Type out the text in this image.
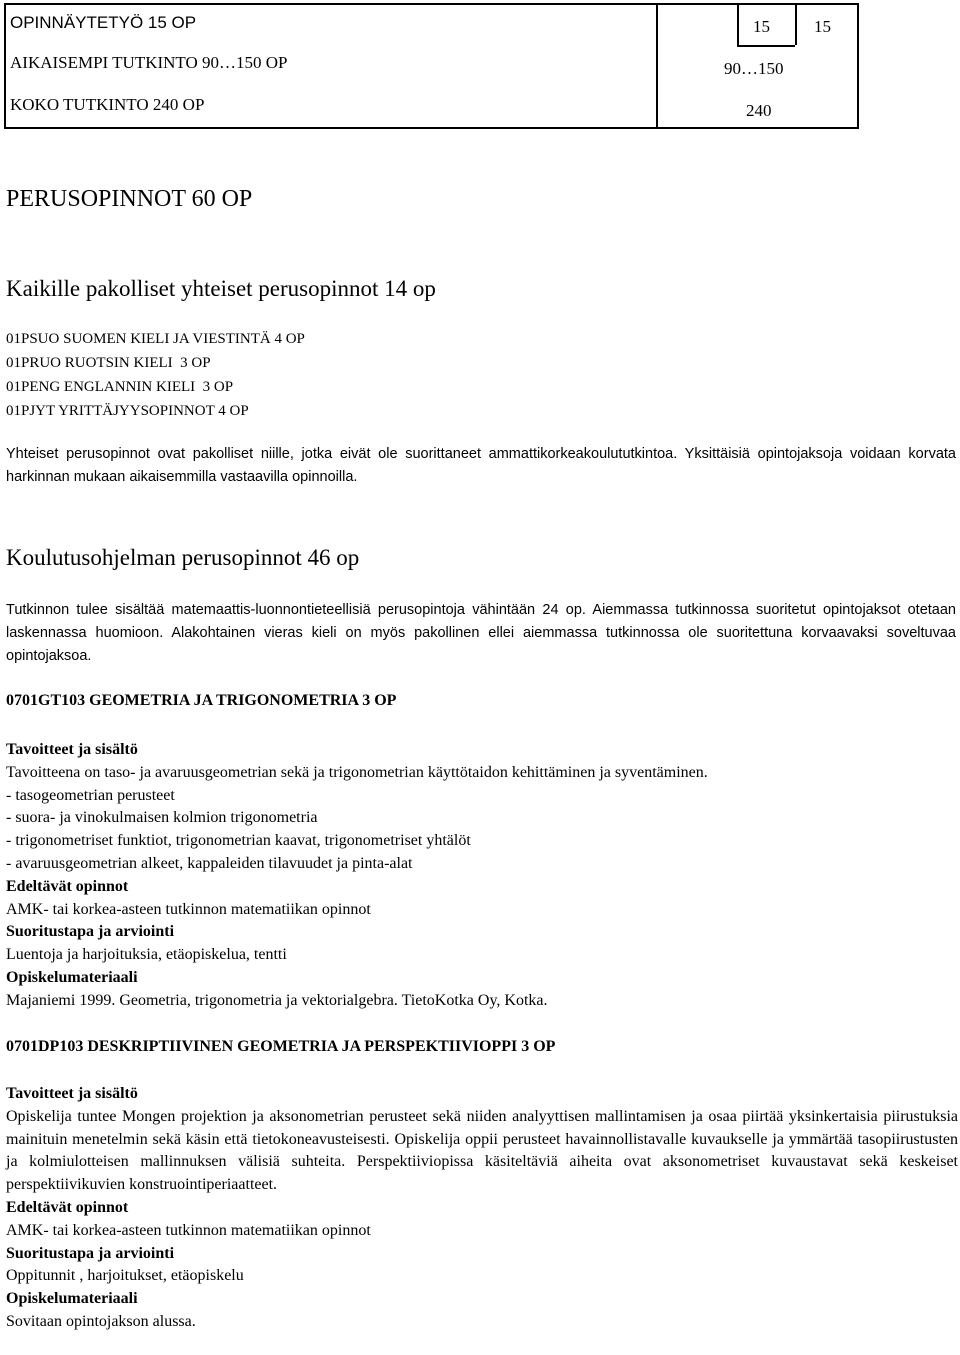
OPINNÄYTETYÖ 15 OP	15	15
AIKAISEMPI TUTKINTO 90…150 OP	90…150
KOKO TUTKINTO 240 OP	240
PERUSOPINNOT 60 OP
Kaikille pakolliset yhteiset perusopinnot 14 op
01PSUO SUOMEN KIELI JA VIESTINTÄ 4 OP
01PRUO RUOTSIN KIELI  3 OP
01PENG ENGLANNIN KIELI  3 OP
01PJYT YRITTÄJYYSOPINNOT 4 OP
Yhteiset perusopinnot ovat pakolliset niille, jotka eivät ole suorittaneet ammattikorkeakoulututkintoa. Yksittäisiä opintojaksoja voidaan korvata harkinnan mukaan aikaisemmilla vastaavilla opinnoilla.
Koulutusohjelman perusopinnot 46 op
Tutkinnon tulee sisältää matemaattis-luonnontieteellisiä perusopintoja vähintään 24 op. Aiemmassa tutkinnossa suoritetut opintojaksot otetaan laskennassa huomioon. Alakohtainen vieras kieli on myös pakollinen ellei aiemmassa tutkinnossa ole suoritettuna korvaavaksi soveltuvaa opintojaksoa.
0701GT103 GEOMETRIA JA TRIGONOMETRIA 3 OP
Tavoitteet ja sisältö
Tavoitteena on taso- ja avaruusgeometrian sekä ja trigonometrian käyttötaidon kehittäminen ja syventäminen.
- tasogeometrian perusteet
- suora- ja vinokulmaisen kolmion trigonometria
- trigonometriset funktiot, trigonometrian kaavat, trigonometriset yhtälöt
- avaruusgeometrian alkeet, kappaleiden tilavuudet ja pinta-alat
Edeltävät opinnot
AMK- tai korkea-asteen tutkinnon matematiikan opinnot
Suoritustapa ja arviointi
Luentoja ja harjoituksia, etäopiskelua, tentti
Opiskelumateriaali
Majaniemi 1999. Geometria, trigonometria ja vektorialgebra. TietoKotka Oy, Kotka.
0701DP103 DESKRIPTIIVINEN GEOMETRIA JA PERSPEKTIIVIOPPI 3 OP
Tavoitteet ja sisältö
Opiskelija tuntee Mongen projektion ja aksonometrian perusteet sekä niiden analyyttisen mallintamisen ja osaa piirtää yksinkertaisia piirustuksia mainituin menetelmin sekä käsin että tietokoneavusteisesti. Opiskelija oppii perusteet havainnollistavalle kuvaukselle ja ymmärtää tasopiirustusten ja kolmiulotteisen mallinnuksen välisiä suhteita. Perspektiiviopissa käsiteltäviä aiheita ovat aksonometriset kuvaustavat sekä keskeiset perspektiivikuvien konstruointiperiaatteet.
Edeltävät opinnot
AMK- tai korkea-asteen tutkinnon matematiikan opinnot
Suoritustapa ja arviointi
Oppitunnit , harjoitukset, etäopiskelu
Opiskelumateriaali
Sovitaan opintojakson alussa.
